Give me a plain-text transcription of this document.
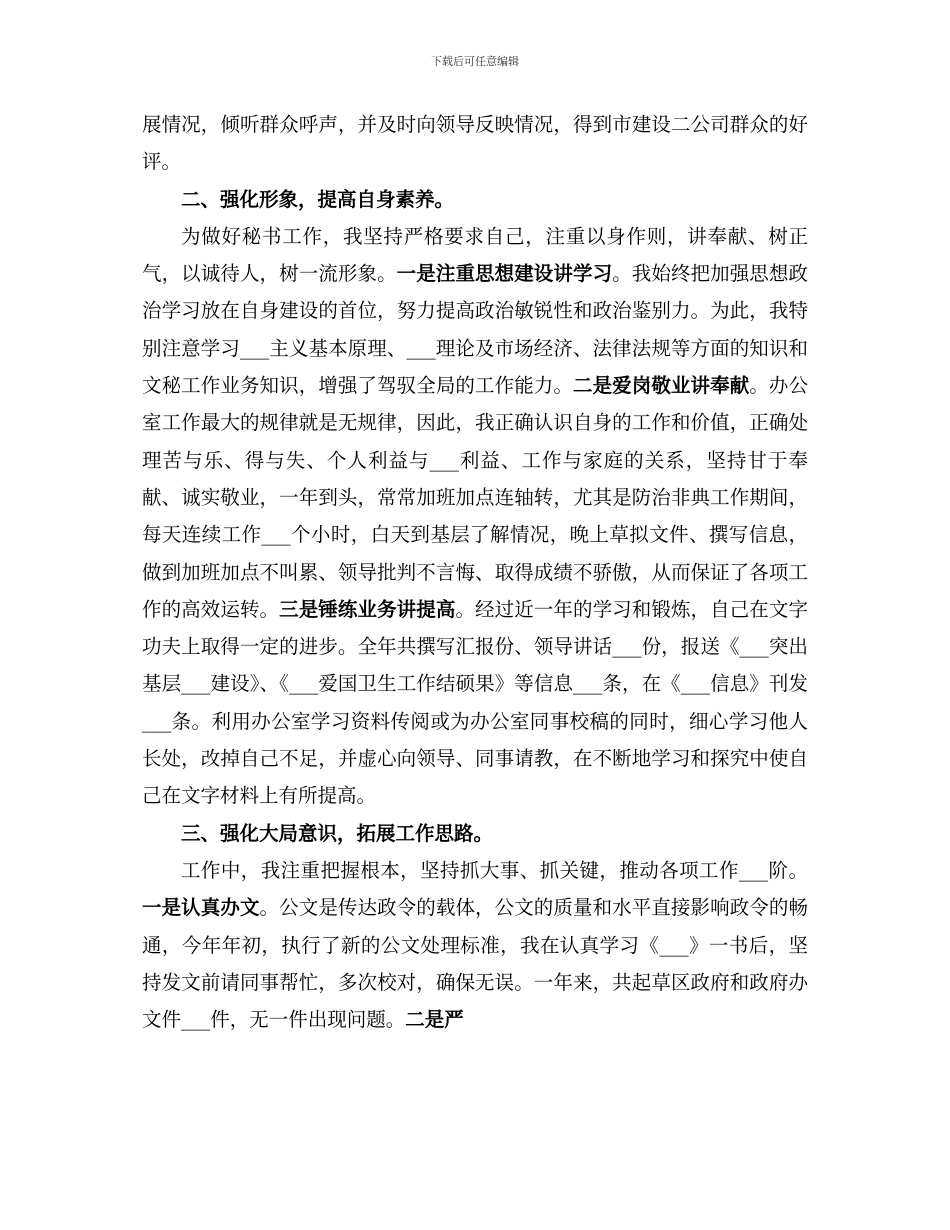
下载后可任意编辑

展情况，倾听群众呼声，并及时向领导反映情况，得到市建设二公司群众的好评。

二、强化形象，提高自身素养。

为做好秘书工作，我坚持严格要求自己，注重以身作则，讲奉献、树正气，以诚待人，树一流形象。一是注重思想建设讲学习。我始终把加强思想政治学习放在自身建设的首位，努力提高政治敏锐性和政治鉴别力。为此，我特别注意学习___主义基本原理、___理论及市场经济、法律法规等方面的知识和文秘工作业务知识，增强了驾驭全局的工作能力。二是爱岗敬业讲奉献。办公室工作最大的规律就是无规律，因此，我正确认识自身的工作和价值，正确处理苦与乐、得与失、个人利益与___利益、工作与家庭的关系，坚持甘于奉献、诚实敬业，一年到头，常常加班加点连轴转，尤其是防治非典工作期间，每天连续工作___个小时，白天到基层了解情况，晚上草拟文件、撰写信息，做到加班加点不叫累、领导批判不言悔、取得成绩不骄傲，从而保证了各项工作的高效运转。三是锤练业务讲提高。经过近一年的学习和锻炼，自己在文字功夫上取得一定的进步。全年共撰写汇报份、领导讲话___份，报送《___突出基层___建设》、《___爱国卫生工作结硕果》等信息___条，在《___信息》刊发___条。利用办公室学习资料传阅或为办公室同事校稿的同时，细心学习他人长处，改掉自己不足，并虚心向领导、同事请教，在不断地学习和探究中使自己在文字材料上有所提高。

三、强化大局意识，拓展工作思路。

工作中，我注重把握根本，坚持抓大事、抓关键，推动各项工作___阶。一是认真办文。公文是传达政令的载体，公文的质量和水平直接影响政令的畅通，今年年初，执行了新的公文处理标准，我在认真学习《___》一书后，坚持发文前请同事帮忙，多次校对，确保无误。一年来，共起草区政府和政府办文件___件，无一件出现问题。二是严
